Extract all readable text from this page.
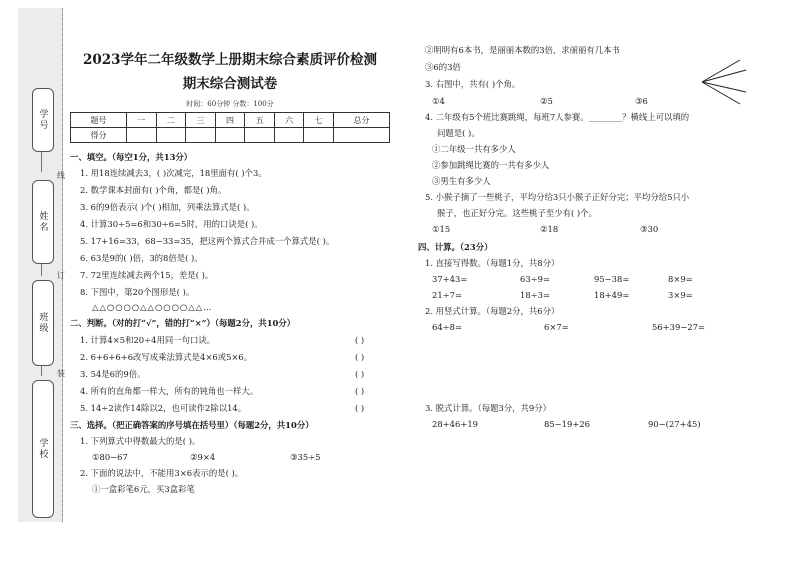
学号
姓名
班级
学校
线
订
装
2023学年二年级数学上册期末综合素质评价检测
期末综合测试卷
时间：60分钟 分数：100分
题号	一	二	三	四	五	六	七	总分
得分								
一、填空。（每空1分，共13分）
1. 用18连续减去3，( )次减完，18里面有( )个3。
2. 数学课本封面有( )个角，都是( )角。
3. 6的9倍表示( )个( )相加，列乘法算式是( )。
4. 计算30÷5=6和30÷6=5时，用的口诀是( )。
5. 17+16=33，68−33=35，把这两个算式合并成一个算式是( )。
6. 63是9的( )倍，3的8倍是( )。
7. 72里连续减去两个15，差是( )。
8. 下图中，第20个图形是( )。
△△○○○○△△○○○○△△…
二、判断。（对的打“√”，错的打“×”）（每题2分，共10分）
1. 计算4×5和20÷4用同一句口诀。	( )
2. 6+6+6+6改写成乘法算式是4×6或5×6。	( )
3. 54是6的9倍。	( )
4. 所有的直角都一样大，所有的钝角也一样大。	( )
5. 14÷2读作14除以2，也可读作2除以14。	( )
三、选择。（把正确答案的序号填在括号里）（每题2分，共10分）
1. 下列算式中得数最大的是( )。
①80−67	②9×4	③35÷5
2. 下面的说法中，不能用3×6表示的是( )。
①一盒彩笔6元，买3盒彩笔
②明明有6本书，是丽丽本数的3倍，求丽丽有几本书
③6的3倍
3. 右图中，共有( )个角。
①4	②5	③6
4. 二年级有5个班比赛跳绳，每班7人参赛。________？横线上可以填的
问题是( )。
①二年级一共有多少人
②参加跳绳比赛的一共有多少人
③男生有多少人
5. 小猴子摘了一些桃子，平均分给3只小猴子正好分完；平均分给5只小
猴子，也正好分完。这些桃子至少有( )个。
①15	②18	③30
四、计算。（23分）
1. 直接写得数。（每题1分，共8分）
37+43=	63÷9=	95−38=	8×9=
21÷7=	18÷3=	18+49=	3×9=
2. 用竖式计算。（每题2分，共6分）
64÷8=	6×7=	56+39−27=
3. 脱式计算。（每题3分，共9分）
28+46+19	85−19+26	90−(27+45)
